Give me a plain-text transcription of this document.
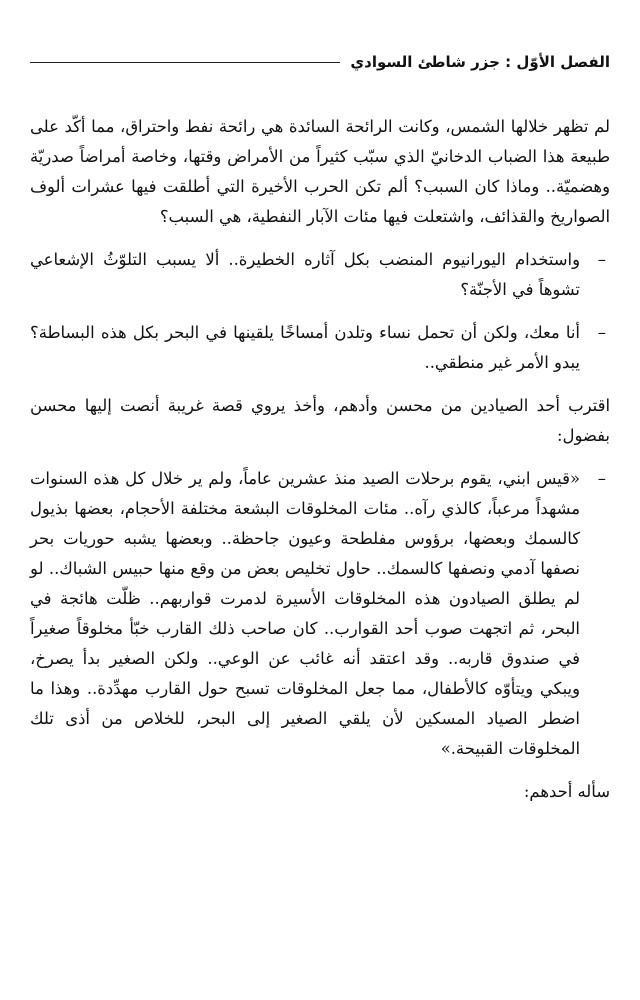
الفصل الأوّل : جزر شاطئ السوادي

لم تظهر خلالها الشمس، وكانت الرائحة السائدة هي رائحة نفط واحتراق، مما أكّد على طبيعة هذا الضباب الدخانيّ الذي سبّب كثيراً من الأمراض وقتها، وخاصة أمراضاً صدريّة وهضميّة.. وماذا كان السبب؟ ألم تكن الحرب الأخيرة التي أطلقت فيها عشرات ألوف الصواريخ والقذائف، واشتعلت فيها مئات الآبار النفطية، هي السبب؟

–
واستخدام اليورانيوم المنضب بكل آثاره الخطيرة.. ألا يسبب التلوّثُ الإشعاعي تشوهاً في الأجنّة؟
–
أنا معك، ولكن أن تحمل نساء وتلدن أمساخًا يلقينها في البحر بكل هذه البساطة؟ يبدو الأمر غير منطقي..

اقترب أحد الصيادين من محسن وأدهم، وأخذ يروي قصة غريبة أنصت إليها محسن بفضول:

–
«قيس ابني، يقوم برحلات الصيد منذ عشرين عاماً، ولم ير خلال كل هذه السنوات مشهداً مرعباً، كالذي رآه.. مئات المخلوقات البشعة مختلفة الأحجام، بعضها بذيول كالسمك وبعضها، برؤوس مفلطحة وعيون جاحظة.. وبعضها يشبه حوريات بحر نصفها آدمي ونصفها كالسمك.. حاول تخليص بعض من وقع منها حبيس الشباك.. لو لم يطلق الصيادون هذه المخلوقات الأسيرة لدمرت قواربهم.. ظلّت هائجة في البحر، ثم اتجهت صوب أحد القوارب.. كان صاحب ذلك القارب خبّأ مخلوقاً صغيراً في صندوق قاربه.. وقد اعتقد أنه غائب عن الوعي.. ولكن الصغير بدأ يصرخ، ويبكي ويتأوّه كالأطفال، مما جعل المخلوقات تسبح حول القارب مهدِّدة.. وهذا ما اضطر الصياد المسكين لأن يلقي الصغير إلى البحر، للخلاص من أذى تلك المخلوقات القبيحة.»

سأله أحدهم:
